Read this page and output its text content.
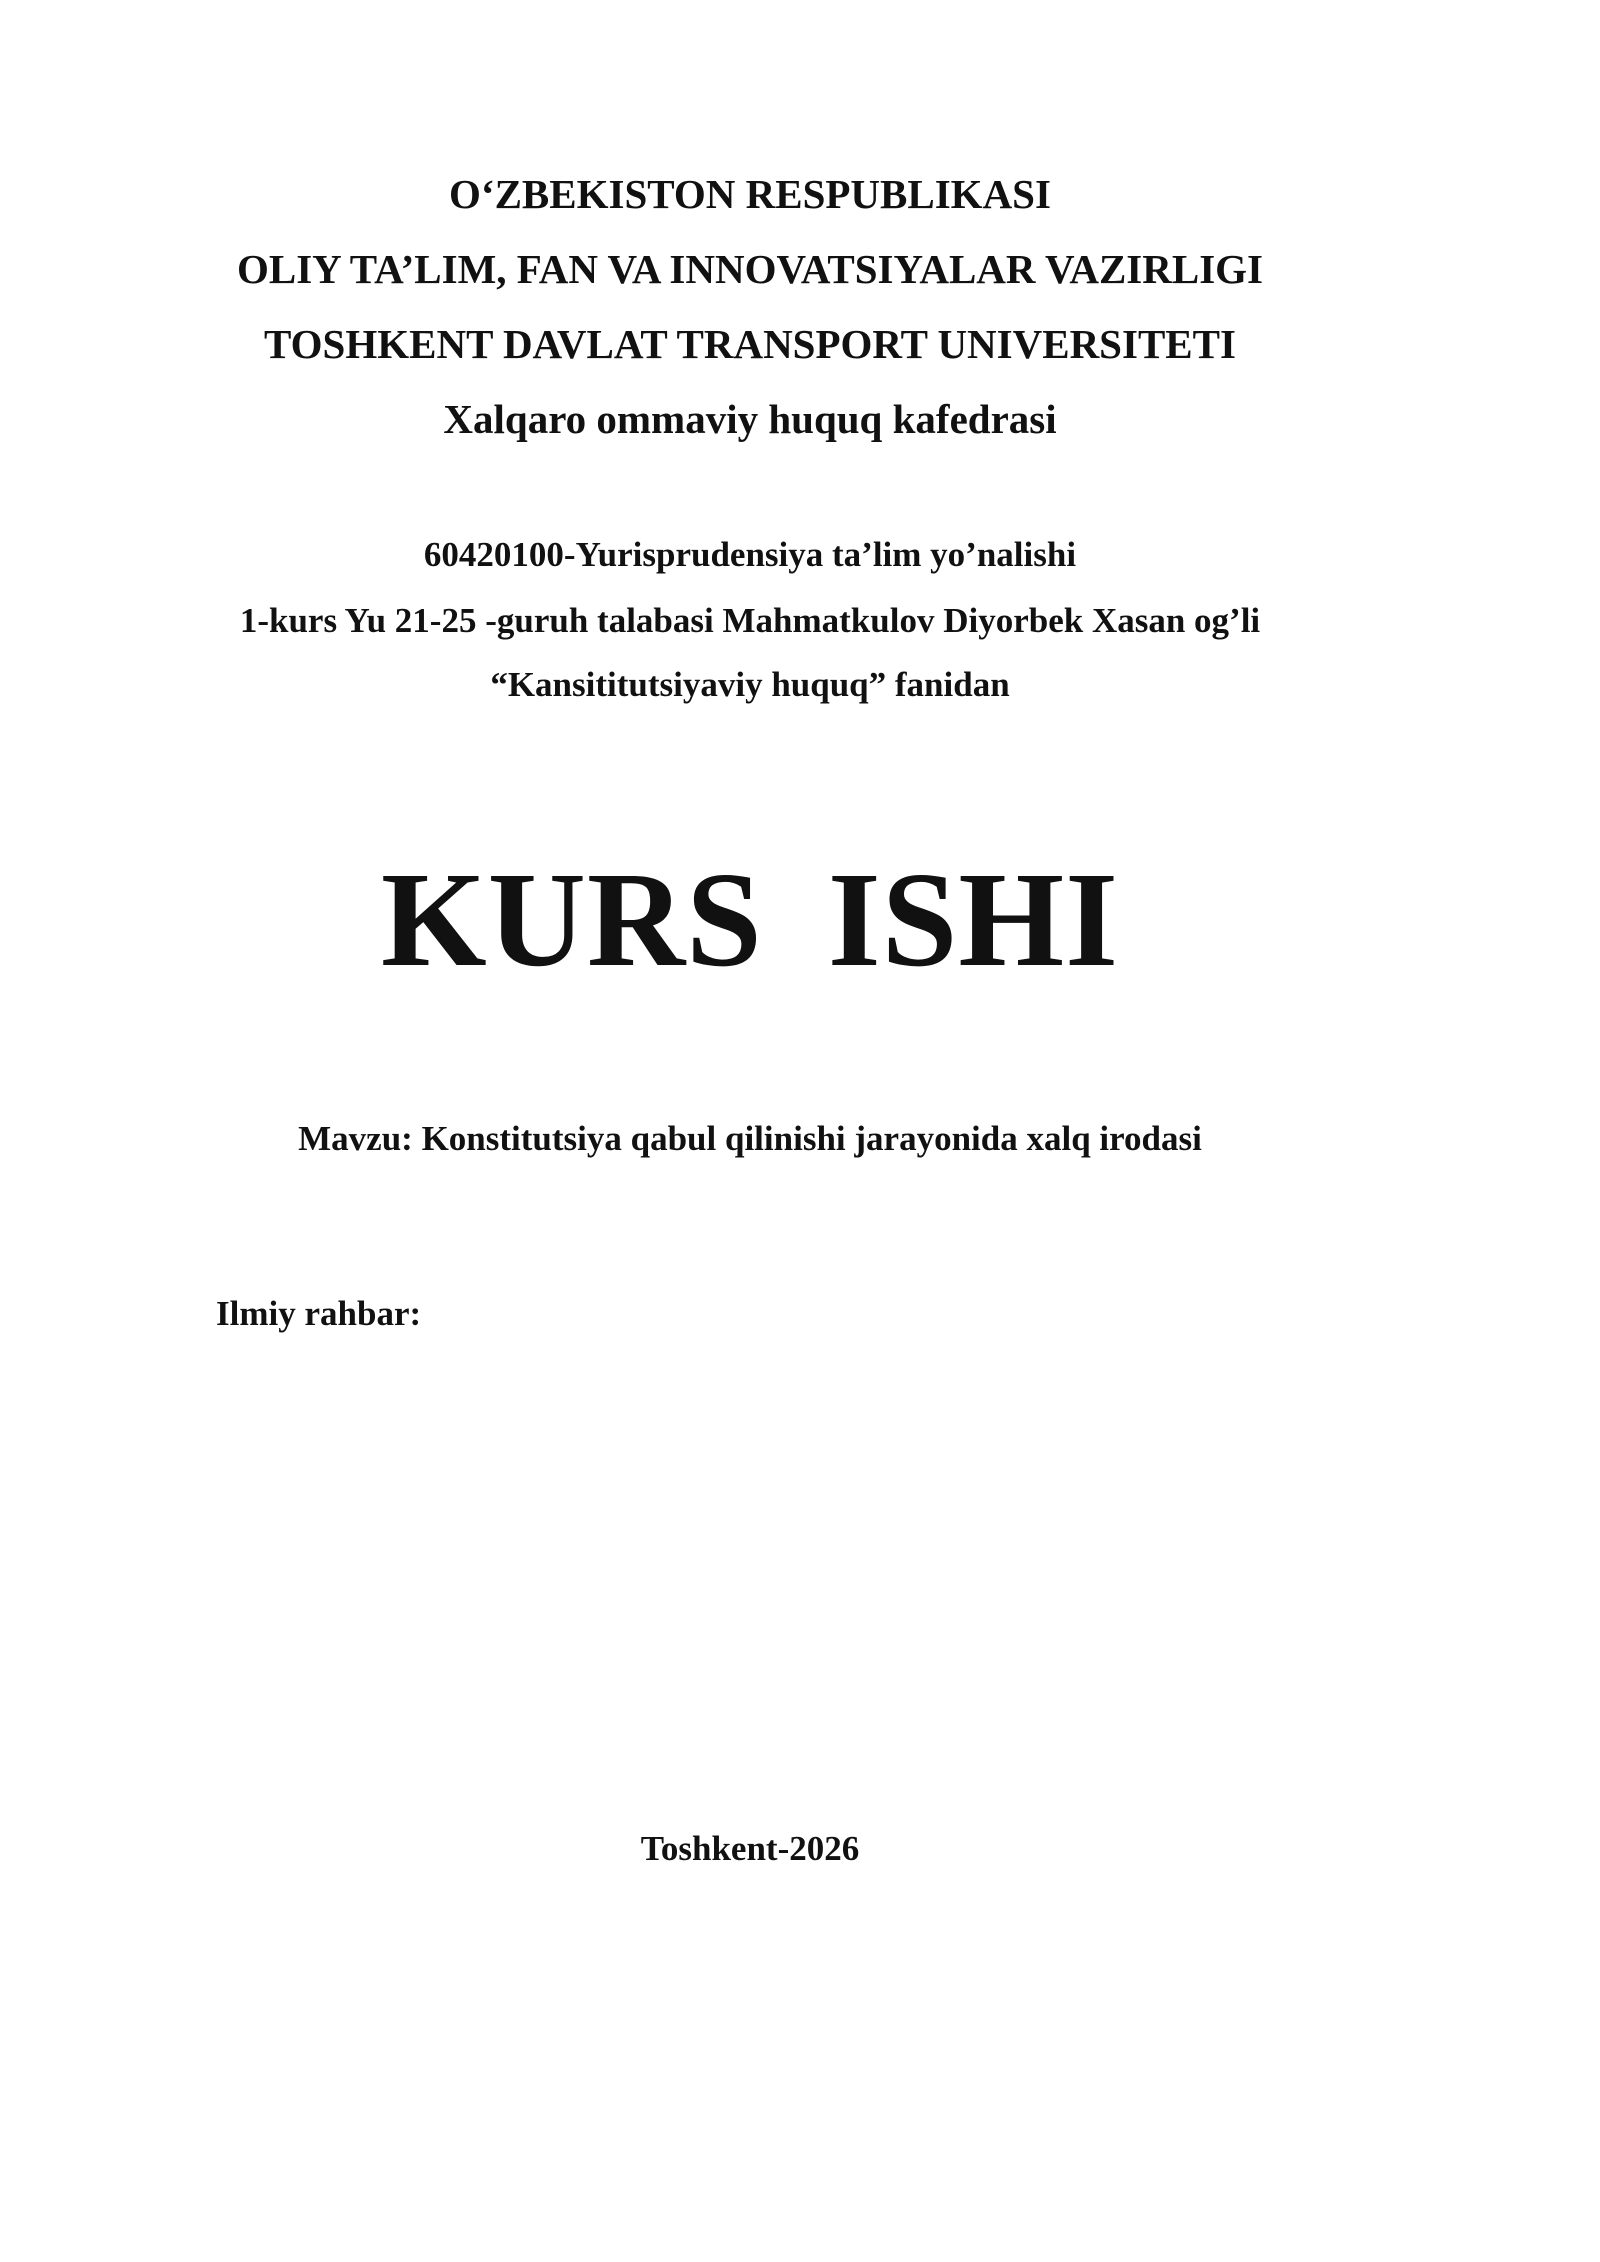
O‘ZBEKISTON RESPUBLIKASI
OLIY TA’LIM, FAN VA INNOVATSIYALAR VAZIRLIGI
TOSHKENT DAVLAT TRANSPORT UNIVERSITETI
Xalqaro ommaviy huquq kafedrasi
60420100-Yurisprudensiya ta’lim yo’nalishi
1-kurs Yu 21-25 -guruh talabasi Mahmatkulov Diyorbek Xasan og’li
“Kansititutsiyaviy huquq” fanidan
KURS ISHI
Mavzu: Konstitutsiya qabul qilinishi jarayonida xalq irodasi
Ilmiy rahbar:
Toshkent-2026
